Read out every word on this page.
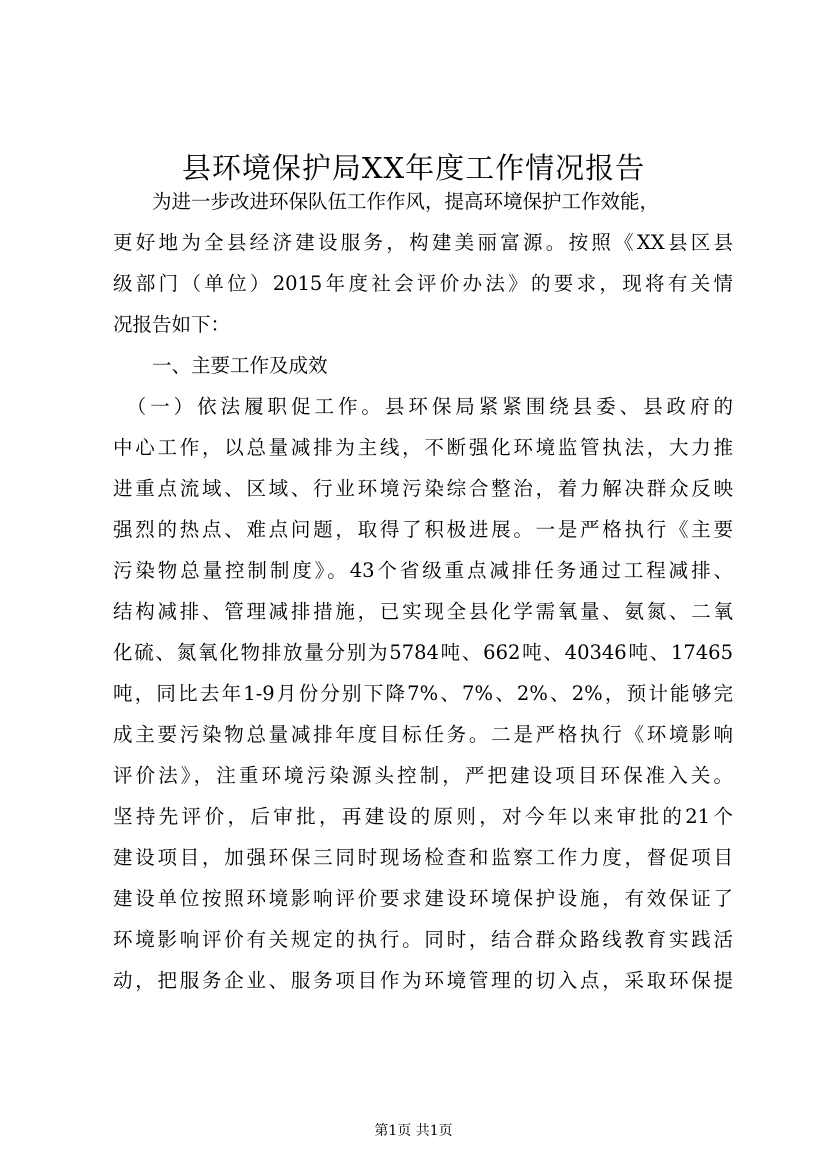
县环境保护局XX年度工作情况报告
　　为进一步改进环保队伍工作作风，提高环境保护工作效能，
更好地为全县经济建设服务，构建美丽富源。按照《XX县区县
级部门（单位）2015年度社会评价办法》的要求，现将有关情
况报告如下：
　　一、主要工作及成效
　（一）依法履职促工作。县环保局紧紧围绕县委、县政府的
中心工作，以总量减排为主线，不断强化环境监管执法，大力推
进重点流域、区域、行业环境污染综合整治，着力解决群众反映
强烈的热点、难点问题，取得了积极进展。一是严格执行《主要
污染物总量控制制度》。43个省级重点减排任务通过工程减排、
结构减排、管理减排措施，已实现全县化学需氧量、氨氮、二氧
化硫、氮氧化物排放量分别为5784吨、662吨、40346吨、17465
吨，同比去年1-9月份分别下降7%、7%、2%、2%，预计能够完
成主要污染物总量减排年度目标任务。二是严格执行《环境影响
评价法》，注重环境污染源头控制，严把建设项目环保准入关。
坚持先评价，后审批，再建设的原则，对今年以来审批的21个
建设项目，加强环保三同时现场检查和监察工作力度，督促项目
建设单位按照环境影响评价要求建设环境保护设施，有效保证了
环境影响评价有关规定的执行。同时，结合群众路线教育实践活
动，把服务企业、服务项目作为环境管理的切入点，采取环保提
第1页 共1页
